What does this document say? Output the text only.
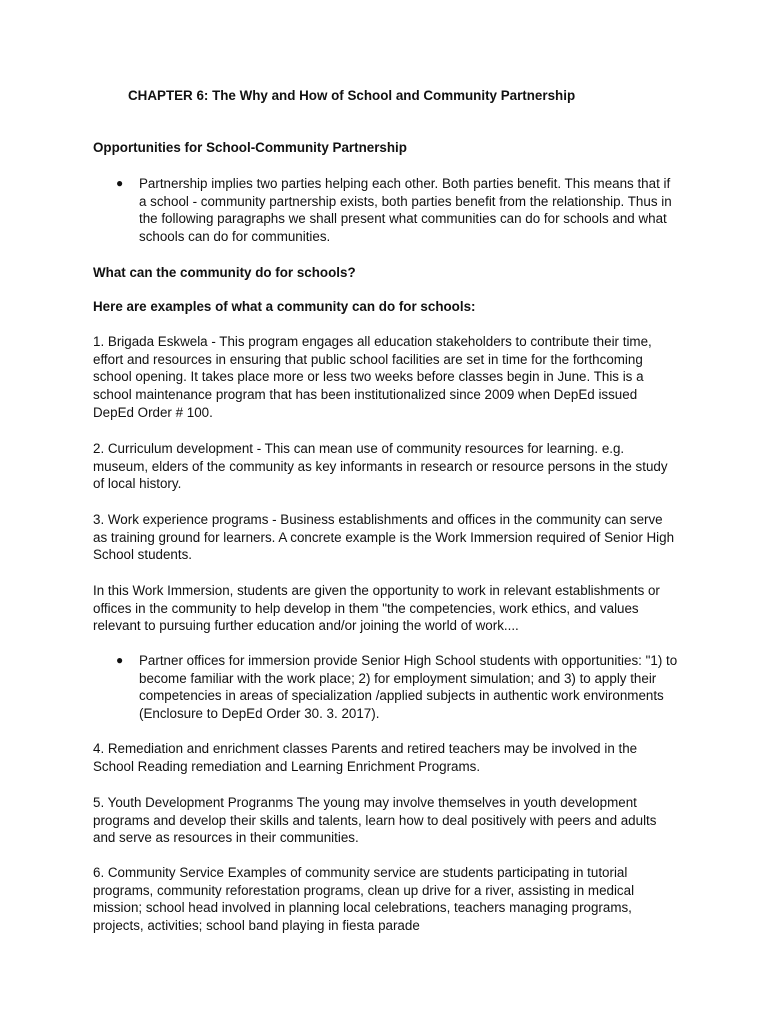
CHAPTER 6: The Why and How of School and Community Partnership
Opportunities for School-Community Partnership
● Partnership implies two parties helping each other. Both parties benefit. This means that if a school - community partnership exists, both parties benefit from the relationship. Thus in the following paragraphs we shall present what communities can do for schools and what schools can do for communities.

What can the community do for schools?
Here are examples of what a community can do for schools:

1. Brigada Eskwela - This program engages all education stakeholders to contribute their time, effort and resources in ensuring that public school facilities are set in time for the forthcoming school opening. It takes place more or less two weeks before classes begin in June. This is a school maintenance program that has been institutionalized since 2009 when DepEd issued DepEd Order # 100.

2. Curriculum development - This can mean use of community resources for learning. e.g. museum, elders of the community as key informants in research or resource persons in the study of local history.

3. Work experience programs - Business establishments and offices in the community can serve as training ground for learners. A concrete example is the Work Immersion required of Senior High School students.

In this Work Immersion, students are given the opportunity to work in relevant establishments or offices in the community to help develop in them "the competencies, work ethics, and values relevant to pursuing further education and/or joining the world of work....

● Partner offices for immersion provide Senior High School students with opportunities: "1) to become familiar with the work place; 2) for employment simulation; and 3) to apply their competencies in areas of specialization /applied subjects in authentic work environments (Enclosure to DepEd Order 30. 3. 2017).

4. Remediation and enrichment classes Parents and retired teachers may be involved in the School Reading remediation and Learning Enrichment Programs.

5. Youth Development Progranms The young may involve themselves in youth development programs and develop their skills and talents, learn how to deal positively with peers and adults and serve as resources in their communities.

6. Community Service Examples of community service are students participating in tutorial programs, community reforestation programs, clean up drive for a river, assisting in medical mission; school head involved in planning local celebrations, teachers managing programs, projects, activities; school band playing in fiesta parade
